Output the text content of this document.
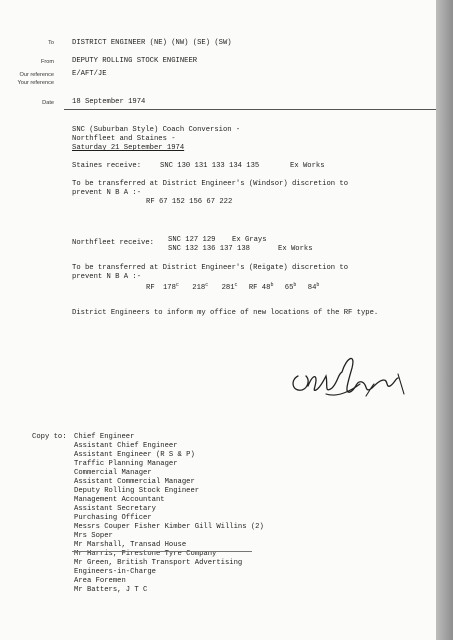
To	DISTRICT ENGINEER (NE) (NW) (SE) (SW)
From	DEPUTY ROLLING STOCK ENGINEER
Our reference	E/AFT/JE
Your reference
Date	18 September 1974
SNC (Suburban Style) Coach Conversion -
Northfleet and Staines -
Saturday 21 September 1974
Staines receive:	SNC 130 131 133 134 135	Ex Works
To be transferred at District Engineer's (Windsor) discretion to
prevent N B A :-
RF 67 152 156 67 222
Northfleet receive: SNC 127 129 Ex Grays
SNC 132 136 137 138	Ex Works
To be transferred at District Engineer's (Reigate) discretion to
prevent N B A :-
RF 178$^c$ 218$^c$ 281$^c$ RF 48$^b$ 65$^b$ 84$^b$
District Engineers to inform my office of new locations of the RF type.
Copy to: Chief Engineer
Assistant Chief Engineer
Assistant Engineer (R S & P)
Traffic Planning Manager
Commercial Manager
Assistant Commercial Manager
Deputy Rolling Stock Engineer
Management Accountant
Assistant Secretary
Purchasing Officer
Messrs Couper Fisher Kimber Gill Willins (2)
Mrs Soper
Mr Marshall, Transad House
Mr Harris, Firestone Tyre Company
Mr Green, British Transport Advertising
Engineers-in-Charge
Area Foremen
Mr Batters, J T C
